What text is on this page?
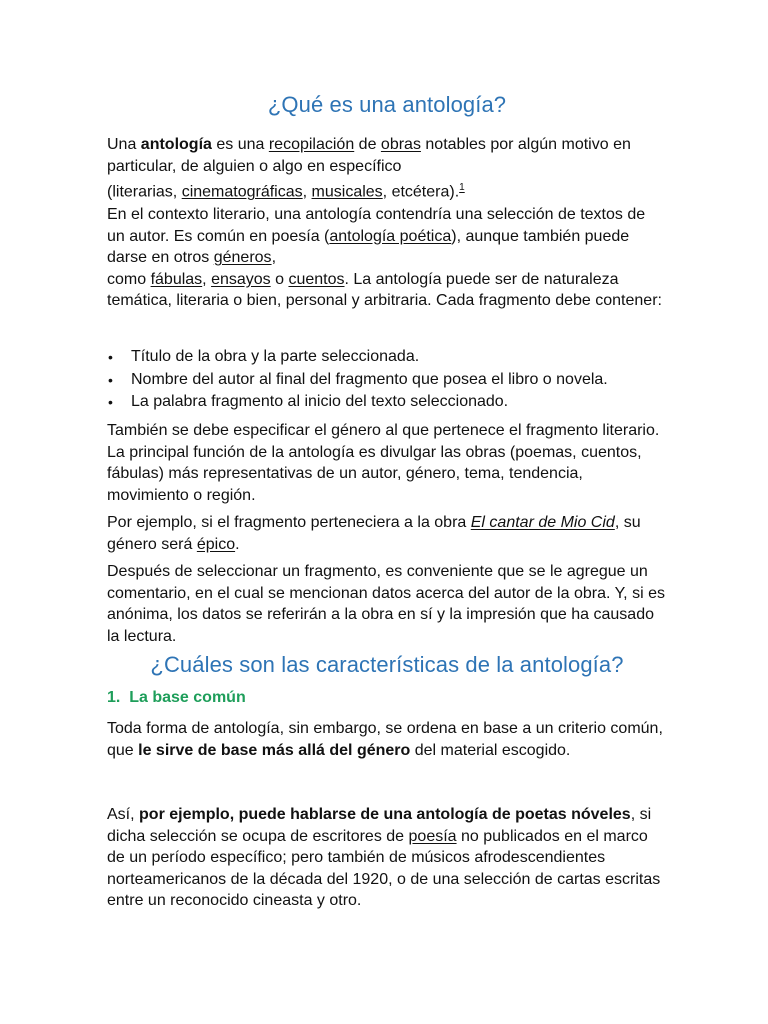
¿Qué es una antología?

Una antología es una recopilación de obras notables por algún motivo en particular, de alguien o algo en específico
(literarias, cinematográficas, musicales, etcétera).$^1$

En el contexto literario, una antología contendría una selección de textos de un autor. Es común en poesía (antología poética), aunque también puede darse en otros géneros,
como fábulas, ensayos o cuentos. La antología puede ser de naturaleza temática, literaria o bien, personal y arbitraria. Cada fragmento debe contener:

• Título de la obra y la parte seleccionada.
• Nombre del autor al final del fragmento que posea el libro o novela.
• La palabra fragmento al inicio del texto seleccionado.

También se debe especificar el género al que pertenece el fragmento literario. La principal función de la antología es divulgar las obras (poemas, cuentos, fábulas) más representativas de un autor, género, tema, tendencia, movimiento o región.

Por ejemplo, si el fragmento perteneciera a la obra El cantar de Mio Cid, su género será épico.

Después de seleccionar un fragmento, es conveniente que se le agregue un comentario, en el cual se mencionan datos acerca del autor de la obra. Y, si es anónima, los datos se referirán a la obra en sí y la impresión que ha causado la lectura.

¿Cuáles son las características de la antología?
1.  La base común

Toda forma de antología, sin embargo, se ordena en base a un criterio común, que le sirve de base más allá del género del material escogido.

Así, por ejemplo, puede hablarse de una antología de poetas nóveles, si dicha selección se ocupa de escritores de poesía no publicados en el marco de un período específico; pero también de músicos afrodescendientes norteamericanos de la década del 1920, o de una selección de cartas escritas entre un reconocido cineasta y otro.
